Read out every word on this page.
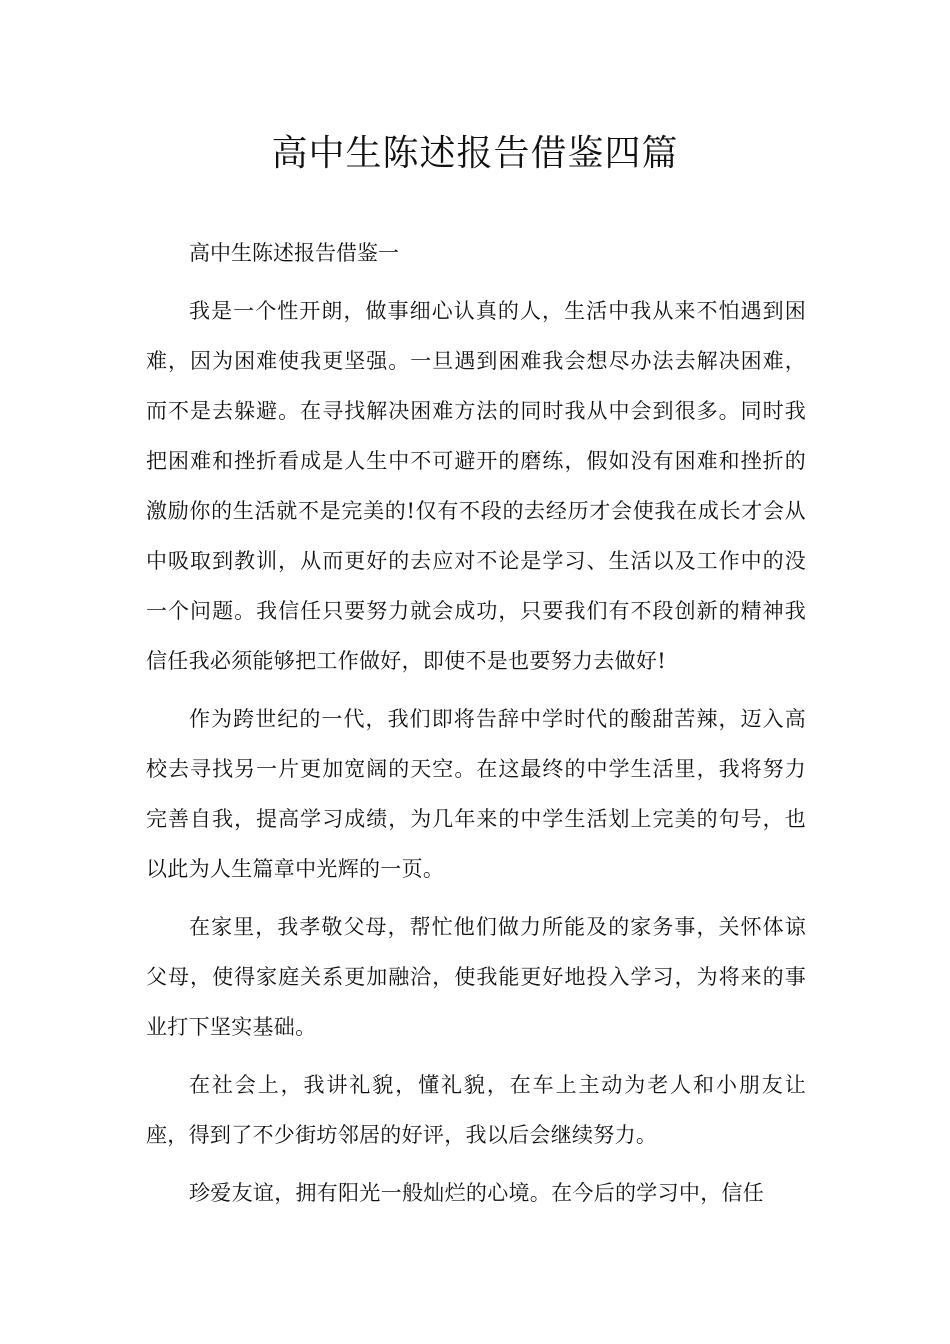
高中生陈述报告借鉴四篇

高中生陈述报告借鉴一

我是一个性开朗，做事细心认真的人，生活中我从来不怕遇到困难，因为困难使我更坚强。一旦遇到困难我会想尽办法去解决困难，而不是去躲避。在寻找解决困难方法的同时我从中会到很多。同时我把困难和挫折看成是人生中不可避开的磨练，假如没有困难和挫折的激励你的生活就不是完美的!仅有不段的去经历才会使我在成长才会从中吸取到教训，从而更好的去应对不论是学习、生活以及工作中的没一个问题。我信任只要努力就会成功，只要我们有不段创新的精神我信任我必须能够把工作做好，即使不是也要努力去做好!

作为跨世纪的一代，我们即将告辞中学时代的酸甜苦辣，迈入高校去寻找另一片更加宽阔的天空。在这最终的中学生活里，我将努力完善自我，提高学习成绩，为几年来的中学生活划上完美的句号，也以此为人生篇章中光辉的一页。

在家里，我孝敬父母，帮忙他们做力所能及的家务事，关怀体谅父母，使得家庭关系更加融洽，使我能更好地投入学习，为将来的事业打下坚实基础。

在社会上，我讲礼貌，懂礼貌，在车上主动为老人和小朋友让座，得到了不少街坊邻居的好评，我以后会继续努力。

珍爱友谊，拥有阳光一般灿烂的心境。在今后的学习中，信任
